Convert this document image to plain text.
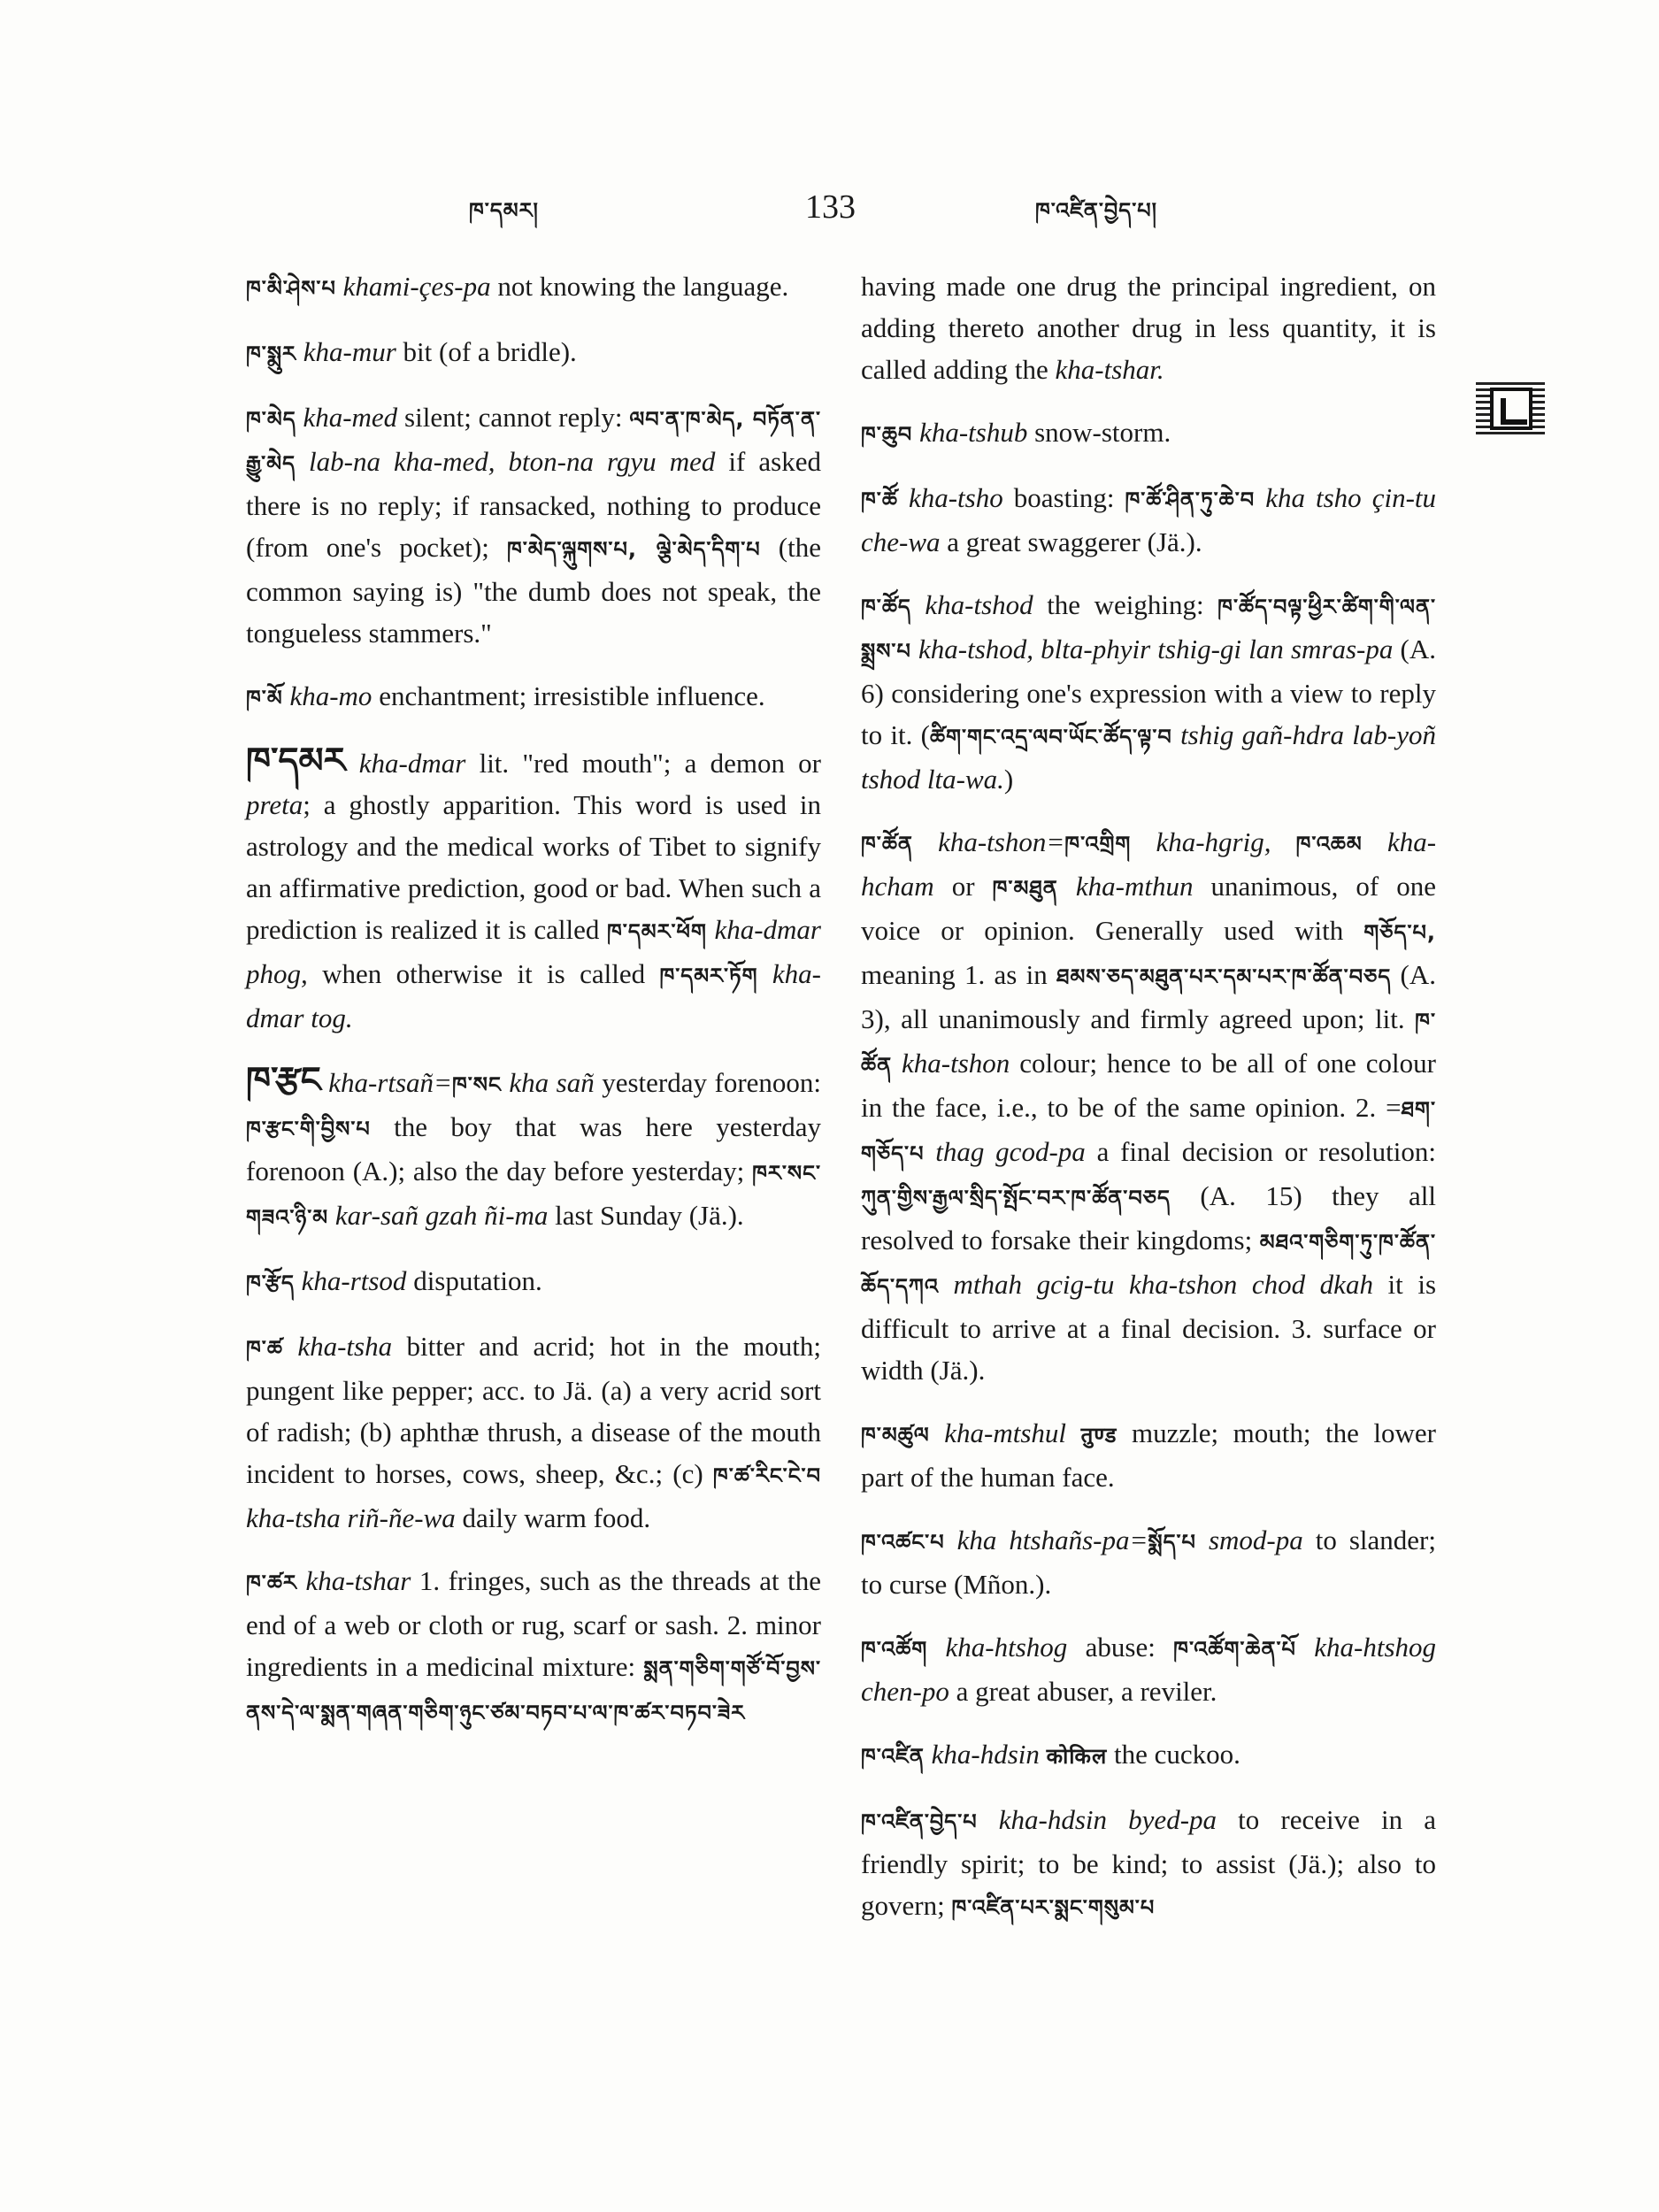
ཁ་དམར།	133	ཁ་འཛིན་བྱེད་པ།

ཁ་མི་ཤེས་པ khami-çes-pa not knowing the language.

ཁ་སྨུར kha-mur bit (of a bridle).

ཁ་མེད kha-med silent; cannot reply: ལབ་ན་ཁ་མེད, བཏོན་ན་རྒྱུ་མེད lab-na kha-med, bton-na rgyu med if asked there is no reply; if ransacked, nothing to produce (from one's pocket); ཁ་མེད་ལྐུགས་པ, ལྕེ་མེད་དིག་པ (the common saying is) "the dumb does not speak, the tongueless stammers."

ཁ་མོ kha-mo enchantment; irresistible influence.

ཁ་དམར kha-dmar lit. "red mouth"; a demon or preta; a ghostly apparition. This word is used in astrology and the medical works of Tibet to signify an affirmative prediction, good or bad. When such a prediction is realized it is called ཁ་དམར་ཕོག kha-dmar phog, when otherwise it is called ཁ་དམར་ཏོག kha-dmar tog.

ཁ་རྩང kha-rtsañ=ཁ་སང kha sañ yesterday forenoon: ཁ་རྩང་གི་བྱིས་པ the boy that was here yesterday forenoon (A.); also the day before yesterday; ཁར་སང་གཟའ་ཉི་མ kar-sañ gzah ñi-ma last Sunday (Jä.).

ཁ་རྩོད kha-rtsod disputation.

ཁ་ཚ kha-tsha bitter and acrid; hot in the mouth; pungent like pepper; acc. to Jä. (a) a very acrid sort of radish; (b) aphthæ thrush, a disease of the mouth incident to horses, cows, sheep, &c.; (c) ཁ་ཚ་རིང་ངེ་བ kha-tsha riñ-ñe-wa daily warm food.

ཁ་ཚར kha-tshar 1. fringes, such as the threads at the end of a web or cloth or rug, scarf or sash. 2. minor ingredients in a medicinal mixture: སྨན་གཅིག་གཙོ་བོ་བྱས་ནས་དེ་ལ་སྨན་གཞན་གཅིག་ཉུང་ཙམ་བཏབ་པ་ལ་ཁ་ཚར་བཏབ་ཟེར

having made one drug the principal ingredient, on adding thereto another drug in less quantity, it is called adding the kha-tshar.

ཁ་ཆུབ kha-tshub snow-storm.

ཁ་ཚོ kha-tsho boasting: ཁ་ཚོ་ཤིན་ཏུ་ཆེ་བ kha tsho çin-tu che-wa a great swaggerer (Jä.).

ཁ་ཚོད kha-tshod the weighing: ཁ་ཚོད་བལྟ་ཕྱིར་ཚིག་གི་ལན་སྨྲས་པ kha-tshod, blta-phyir tshig-gi lan smras-pa (A. 6) considering one's expression with a view to reply to it. (ཚིག་གང་འདྲ་ལབ་ཡོང་ཚོད་ལྟ་བ tshig gañ-hdra lab-yoñ tshod lta-wa.)

ཁ་ཚོན kha-tshon=ཁ་འགྲིག kha-hgrig, ཁ་འཆམ kha-hcham or ཁ་མཐུན kha-mthun unanimous, of one voice or opinion. Generally used with གཅོད་པ, meaning 1. as in ཐམས་ཅད་མཐུན་པར་དམ་པར་ཁ་ཚོན་བཅད (A. 3), all unanimously and firmly agreed upon; lit. ཁ་ཚོན kha-tshon colour; hence to be all of one colour in the face, i.e., to be of the same opinion. 2. =ཐག་གཅོད་པ thag gcod-pa a final decision or resolution: ཀུན་གྱིས་རྒྱལ་སྲིད་སྤོང་བར་ཁ་ཚོན་བཅད (A. 15) they all resolved to forsake their kingdoms; མཐའ་གཅིག་ཏུ་ཁ་ཚོན་ཆོད་དཀའ mthah gcig-tu kha-tshon chod dkah it is difficult to arrive at a final decision. 3. surface or width (Jä.).

ཁ་མཚུལ kha-mtshul तुण्ड muzzle; mouth; the lower part of the human face.

ཁ་འཚང་པ kha htshañs-pa=སྨོད་པ smod-pa to slander; to curse (Mñon.).

ཁ་འཚོག kha-htshog abuse: ཁ་འཚོག་ཆེན་པོ kha-htshog chen-po a great abuser, a reviler.

ཁ་འཛིན kha-hdsin कोकिल the cuckoo.

ཁ་འཛིན་བྱེད་པ kha-hdsin byed-pa to receive in a friendly spirit; to be kind; to assist (Jä.); also to govern; ཁ་འཛིན་པར་སྨང་གསུམ་པ
